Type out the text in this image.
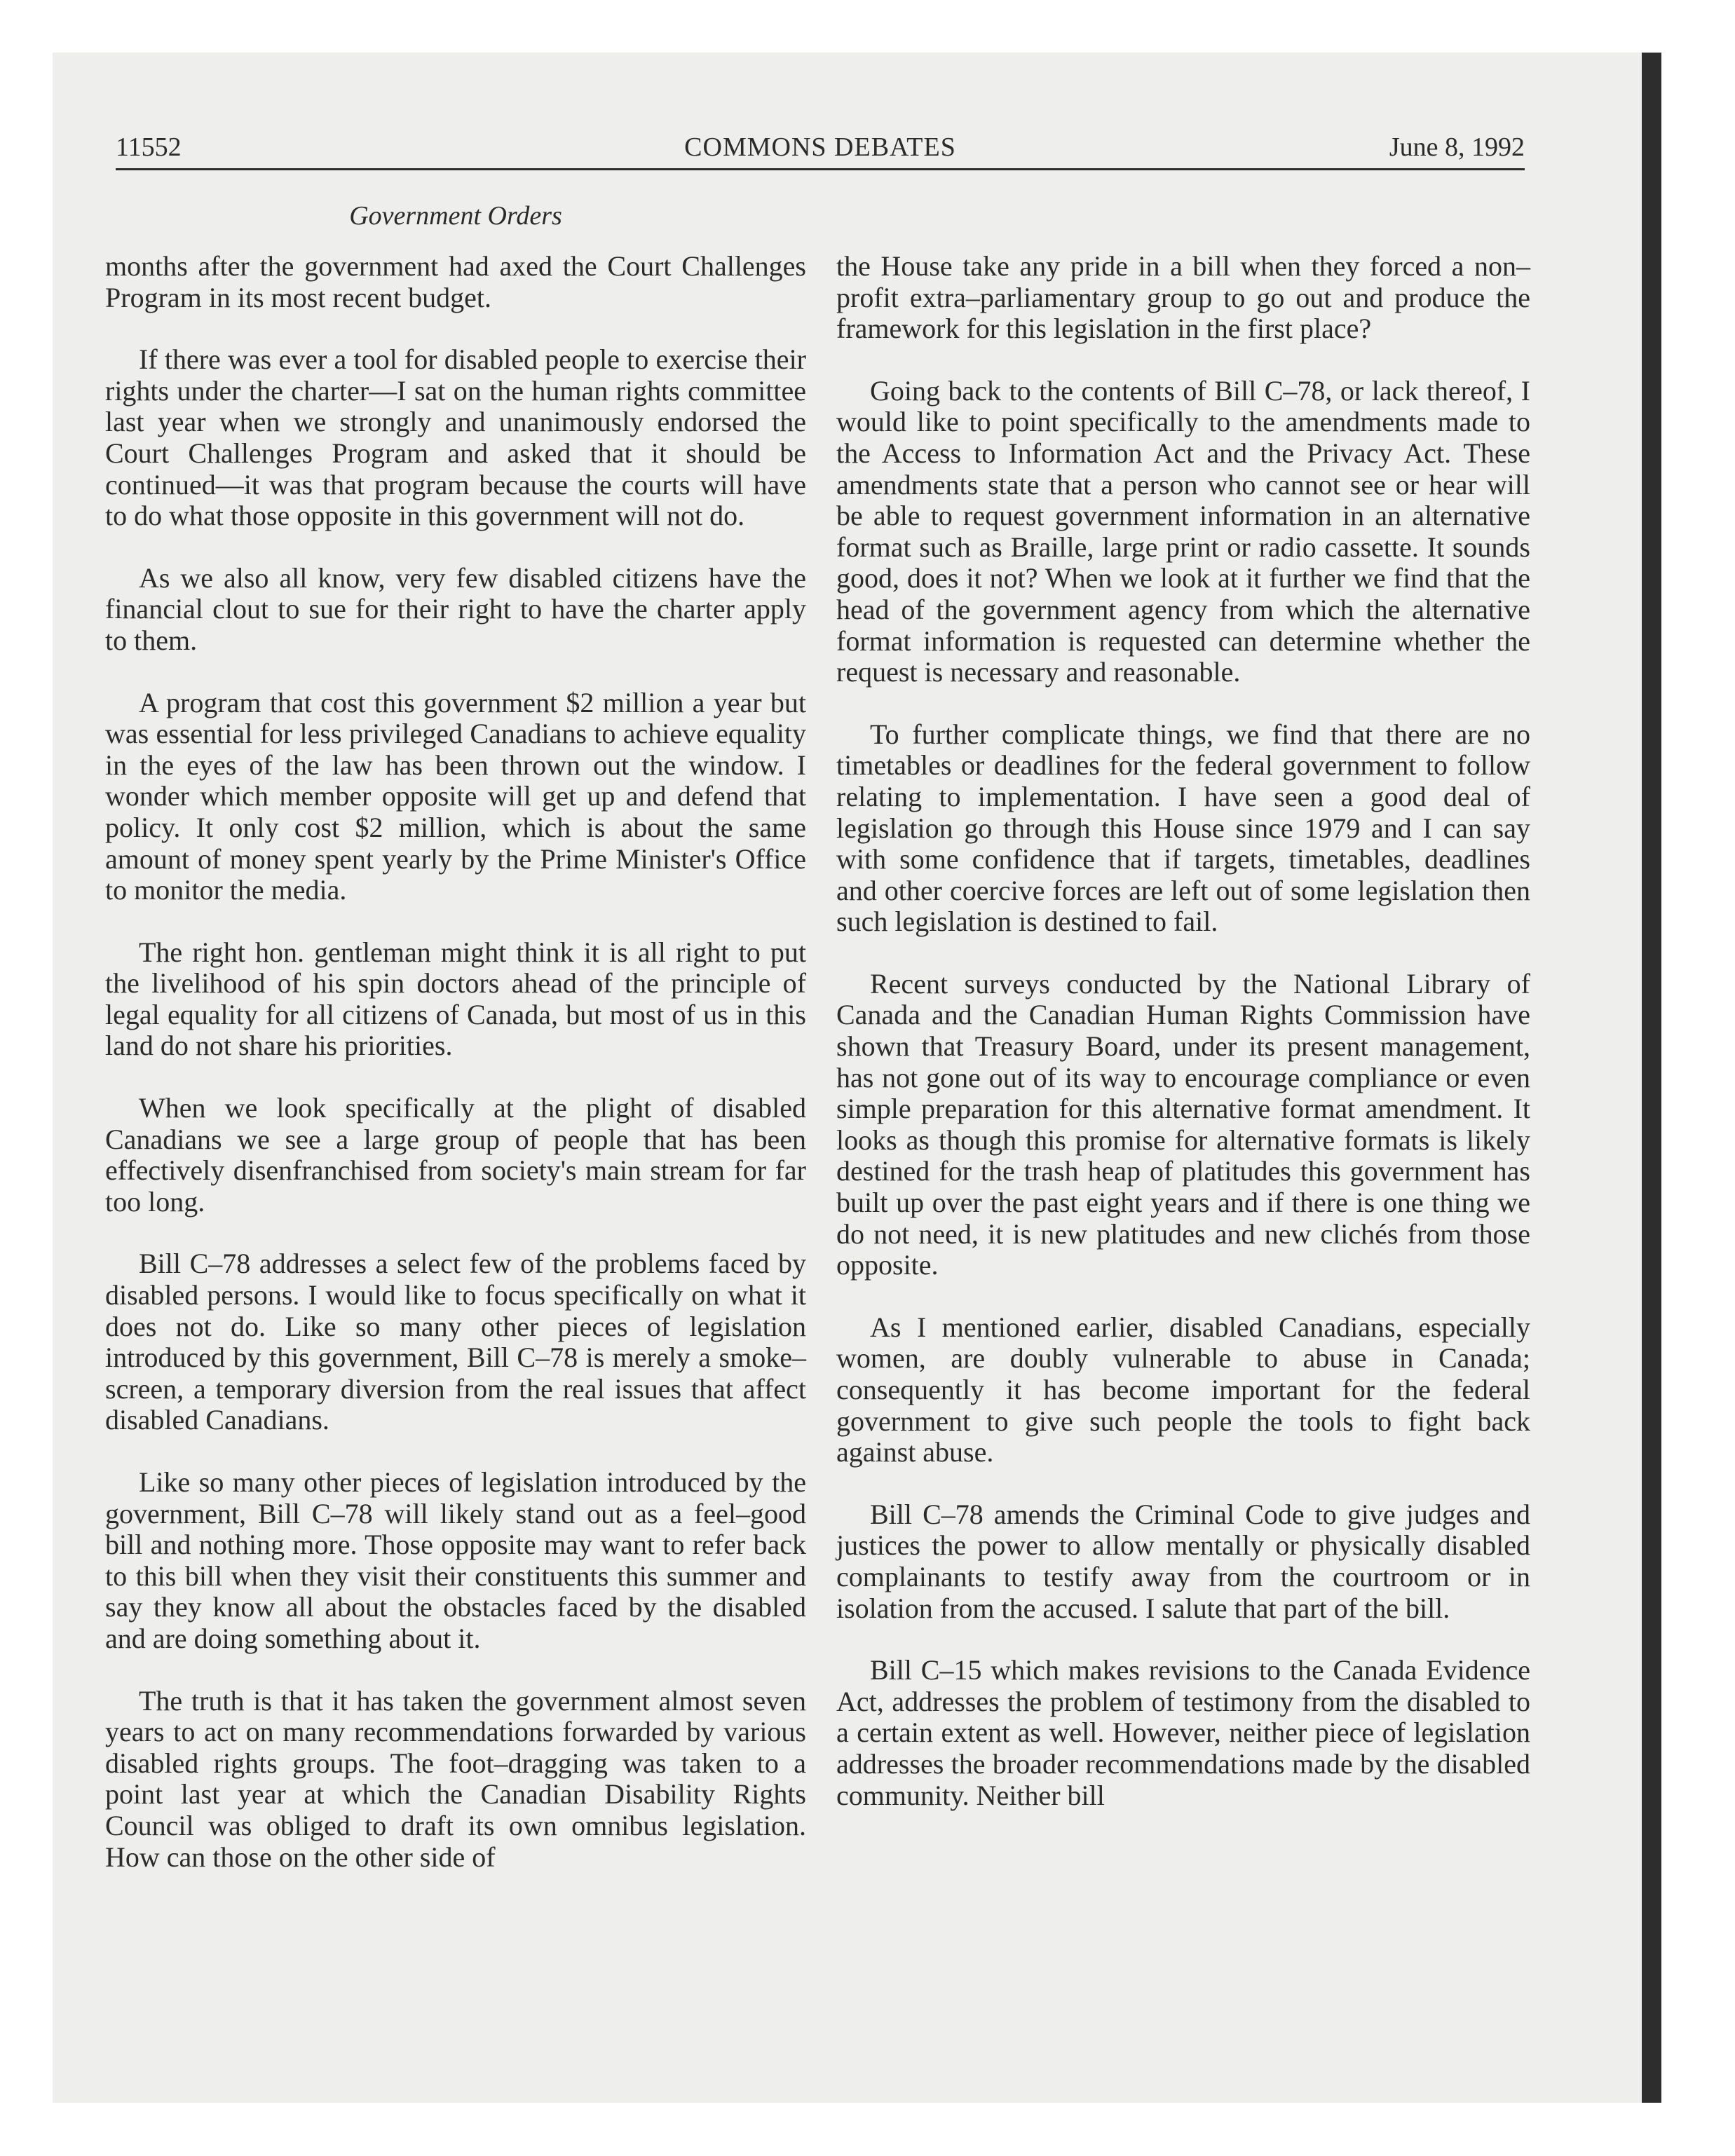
11552	COMMONS DEBATES	June 8, 1992
Government Orders

months after the government had axed the Court Challenges Program in its most recent budget.

If there was ever a tool for disabled people to exercise their rights under the charter—I sat on the human rights committee last year when we strongly and unanimously endorsed the Court Challenges Program and asked that it should be continued—it was that program because the courts will have to do what those opposite in this government will not do.

As we also all know, very few disabled citizens have the financial clout to sue for their right to have the charter apply to them.

A program that cost this government $2 million a year but was essential for less privileged Canadians to achieve equality in the eyes of the law has been thrown out the window. I wonder which member opposite will get up and defend that policy. It only cost $2 million, which is about the same amount of money spent yearly by the Prime Minister's Office to monitor the media.

The right hon. gentleman might think it is all right to put the livelihood of his spin doctors ahead of the principle of legal equality for all citizens of Canada, but most of us in this land do not share his priorities.

When we look specifically at the plight of disabled Canadians we see a large group of people that has been effectively disenfranchised from society's main stream for far too long.

Bill C–78 addresses a select few of the problems faced by disabled persons. I would like to focus specifically on what it does not do. Like so many other pieces of legislation introduced by this government, Bill C–78 is merely a smoke–screen, a temporary diversion from the real issues that affect disabled Canadians.

Like so many other pieces of legislation introduced by the government, Bill C–78 will likely stand out as a feel–good bill and nothing more. Those opposite may want to refer back to this bill when they visit their constituents this summer and say they know all about the obstacles faced by the disabled and are doing something about it.

The truth is that it has taken the government almost seven years to act on many recommendations forwarded by various disabled rights groups. The foot–dragging was taken to a point last year at which the Canadian Disability Rights Council was obliged to draft its own omnibus legislation. How can those on the other side of

the House take any pride in a bill when they forced a non–profit extra–parliamentary group to go out and produce the framework for this legislation in the first place?

Going back to the contents of Bill C–78, or lack thereof, I would like to point specifically to the amendments made to the Access to Information Act and the Privacy Act. These amendments state that a person who cannot see or hear will be able to request government information in an alternative format such as Braille, large print or radio cassette. It sounds good, does it not? When we look at it further we find that the head of the government agency from which the alternative format information is requested can determine whether the request is necessary and reasonable.

To further complicate things, we find that there are no timetables or deadlines for the federal government to follow relating to implementation. I have seen a good deal of legislation go through this House since 1979 and I can say with some confidence that if targets, timetables, deadlines and other coercive forces are left out of some legislation then such legislation is destined to fail.

Recent surveys conducted by the National Library of Canada and the Canadian Human Rights Commission have shown that Treasury Board, under its present management, has not gone out of its way to encourage compliance or even simple preparation for this alternative format amendment. It looks as though this promise for alternative formats is likely destined for the trash heap of platitudes this government has built up over the past eight years and if there is one thing we do not need, it is new platitudes and new clichés from those opposite.

As I mentioned earlier, disabled Canadians, especially women, are doubly vulnerable to abuse in Canada; consequently it has become important for the federal government to give such people the tools to fight back against abuse.

Bill C–78 amends the Criminal Code to give judges and justices the power to allow mentally or physically disabled complainants to testify away from the courtroom or in isolation from the accused. I salute that part of the bill.

Bill C–15 which makes revisions to the Canada Evidence Act, addresses the problem of testimony from the disabled to a certain extent as well. However, neither piece of legislation addresses the broader recommendations made by the disabled community. Neither bill
